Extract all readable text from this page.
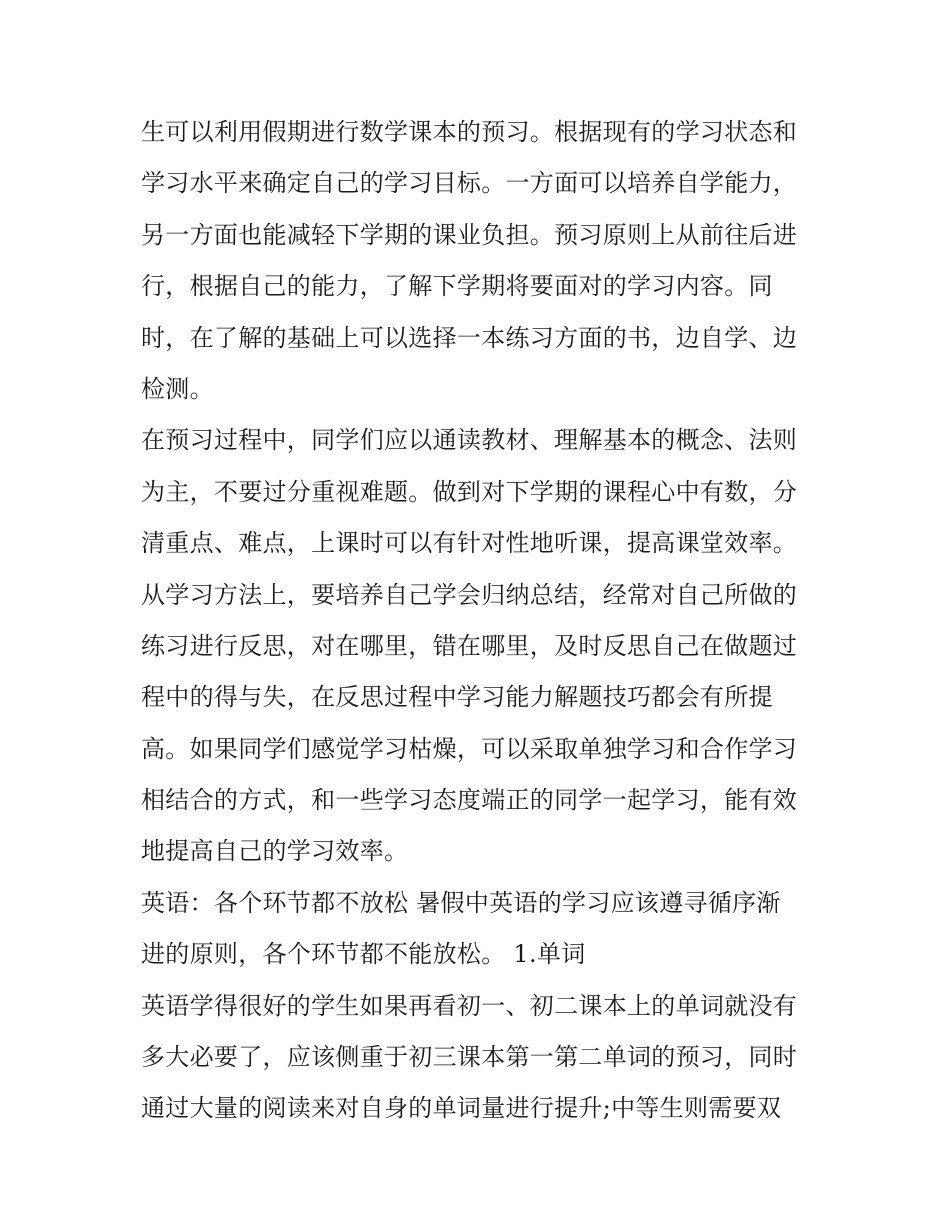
生可以利用假期进行数学课本的预习。根据现有的学习状态和
学习水平来确定自己的学习目标。一方面可以培养自学能力，
另一方面也能减轻下学期的课业负担。预习原则上从前往后进
行，根据自己的能力，了解下学期将要面对的学习内容。同
时，在了解的基础上可以选择一本练习方面的书，边自学、边
检测。
在预习过程中，同学们应以通读教材、理解基本的概念、法则
为主，不要过分重视难题。做到对下学期的课程心中有数，分
清重点、难点，上课时可以有针对性地听课，提高课堂效率。
从学习方法上，要培养自己学会归纳总结，经常对自己所做的
练习进行反思，对在哪里，错在哪里，及时反思自己在做题过
程中的得与失，在反思过程中学习能力解题技巧都会有所提
高。如果同学们感觉学习枯燥，可以采取单独学习和合作学习
相结合的方式，和一些学习态度端正的同学一起学习，能有效
地提高自己的学习效率。
英语：各个环节都不放松 暑假中英语的学习应该遵寻循序渐
进的原则，各个环节都不能放松。 1.单词
英语学得很好的学生如果再看初一、初二课本上的单词就没有
多大必要了，应该侧重于初三课本第一第二单词的预习，同时
通过大量的阅读来对自身的单词量进行提升;中等生则需要双
